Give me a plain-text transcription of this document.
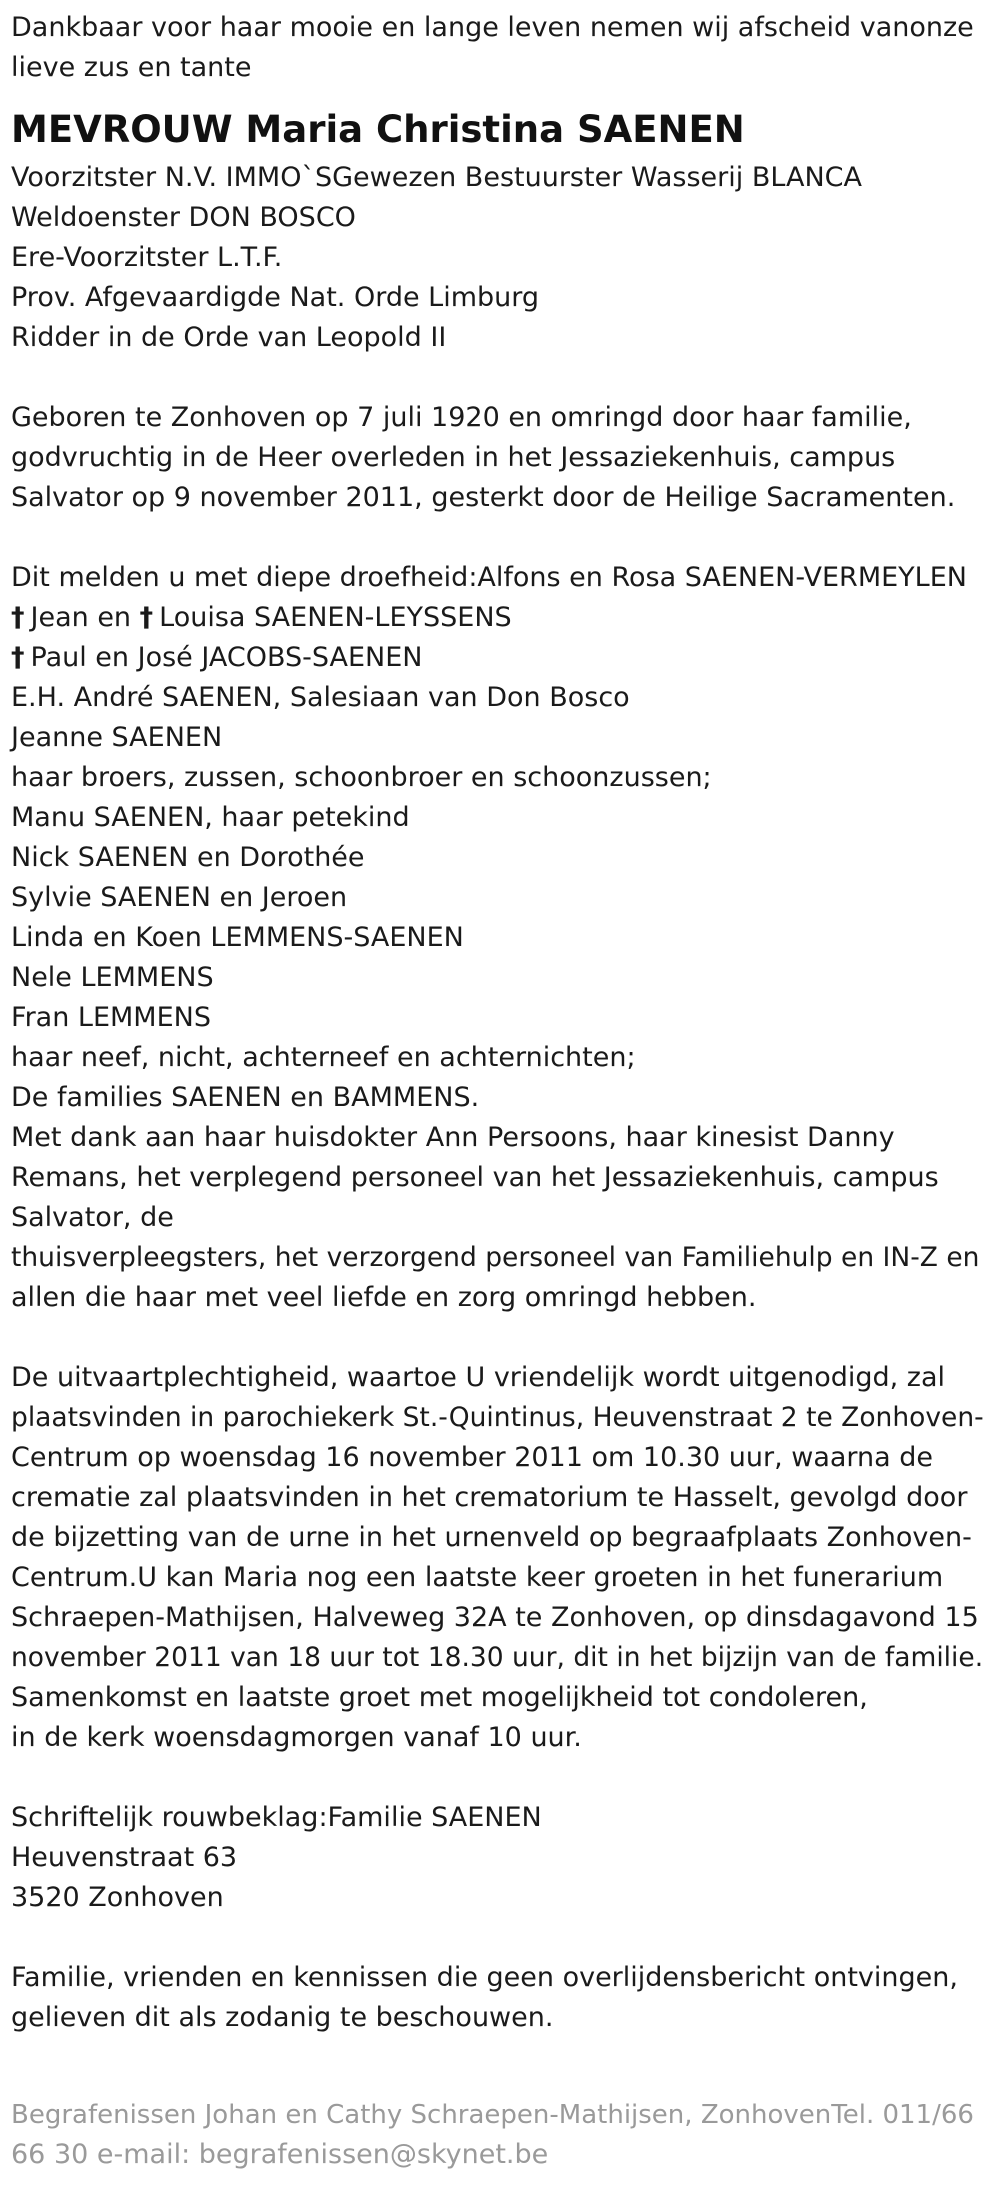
Dankbaar voor haar mooie en lange leven nemen wij afscheid vanonze
lieve zus en tante
MEVROUW Maria Christina SAENEN
Voorzitster N.V. IMMO`SGewezen Bestuurster Wasserij BLANCA
Weldoenster DON BOSCO
Ere-Voorzitster L.T.F.
Prov. Afgevaardigde Nat. Orde Limburg
Ridder in de Orde van Leopold II
Geboren te Zonhoven op 7 juli 1920 en omringd door haar familie,
godvruchtig in de Heer overleden in het Jessaziekenhuis, campus
Salvator op 9 november 2011, gesterkt door de Heilige Sacramenten.
Dit melden u met diepe droefheid:Alfons en Rosa SAENEN-VERMEYLEN
† Jean en † Louisa SAENEN-LEYSSENS
† Paul en José JACOBS-SAENEN
E.H. André SAENEN, Salesiaan van Don Bosco
Jeanne SAENEN
haar broers, zussen, schoonbroer en schoonzussen;
Manu SAENEN, haar petekind
Nick SAENEN en Dorothée
Sylvie SAENEN en Jeroen
Linda en Koen LEMMENS-SAENEN
Nele LEMMENS
Fran LEMMENS
haar neef, nicht, achterneef en achternichten;
De families SAENEN en BAMMENS.
Met dank aan haar huisdokter Ann Persoons, haar kinesist Danny
Remans, het verplegend personeel van het Jessaziekenhuis, campus
Salvator, de
thuisverpleegsters, het verzorgend personeel van Familiehulp en IN-Z en
allen die haar met veel liefde en zorg omringd hebben.
De uitvaartplechtigheid, waartoe U vriendelijk wordt uitgenodigd, zal
plaatsvinden in parochiekerk St.-Quintinus, Heuvenstraat 2 te Zonhoven-
Centrum op woensdag 16 november 2011 om 10.30 uur, waarna de
crematie zal plaatsvinden in het crematorium te Hasselt, gevolgd door
de bijzetting van de urne in het urnenveld op begraafplaats Zonhoven-
Centrum.U kan Maria nog een laatste keer groeten in het funerarium
Schraepen-Mathijsen, Halveweg 32A te Zonhoven, op dinsdagavond 15
november 2011 van 18 uur tot 18.30 uur, dit in het bijzijn van de familie.
Samenkomst en laatste groet met mogelijkheid tot condoleren,
in de kerk woensdagmorgen vanaf 10 uur.
Schriftelijk rouwbeklag:Familie SAENEN
Heuvenstraat 63
3520 Zonhoven
Familie, vrienden en kennissen die geen overlijdensbericht ontvingen,
gelieven dit als zodanig te beschouwen.
Begrafenissen Johan en Cathy Schraepen-Mathijsen, ZonhovenTel. 011/66
66 30 e-mail: begrafenissen@skynet.be
